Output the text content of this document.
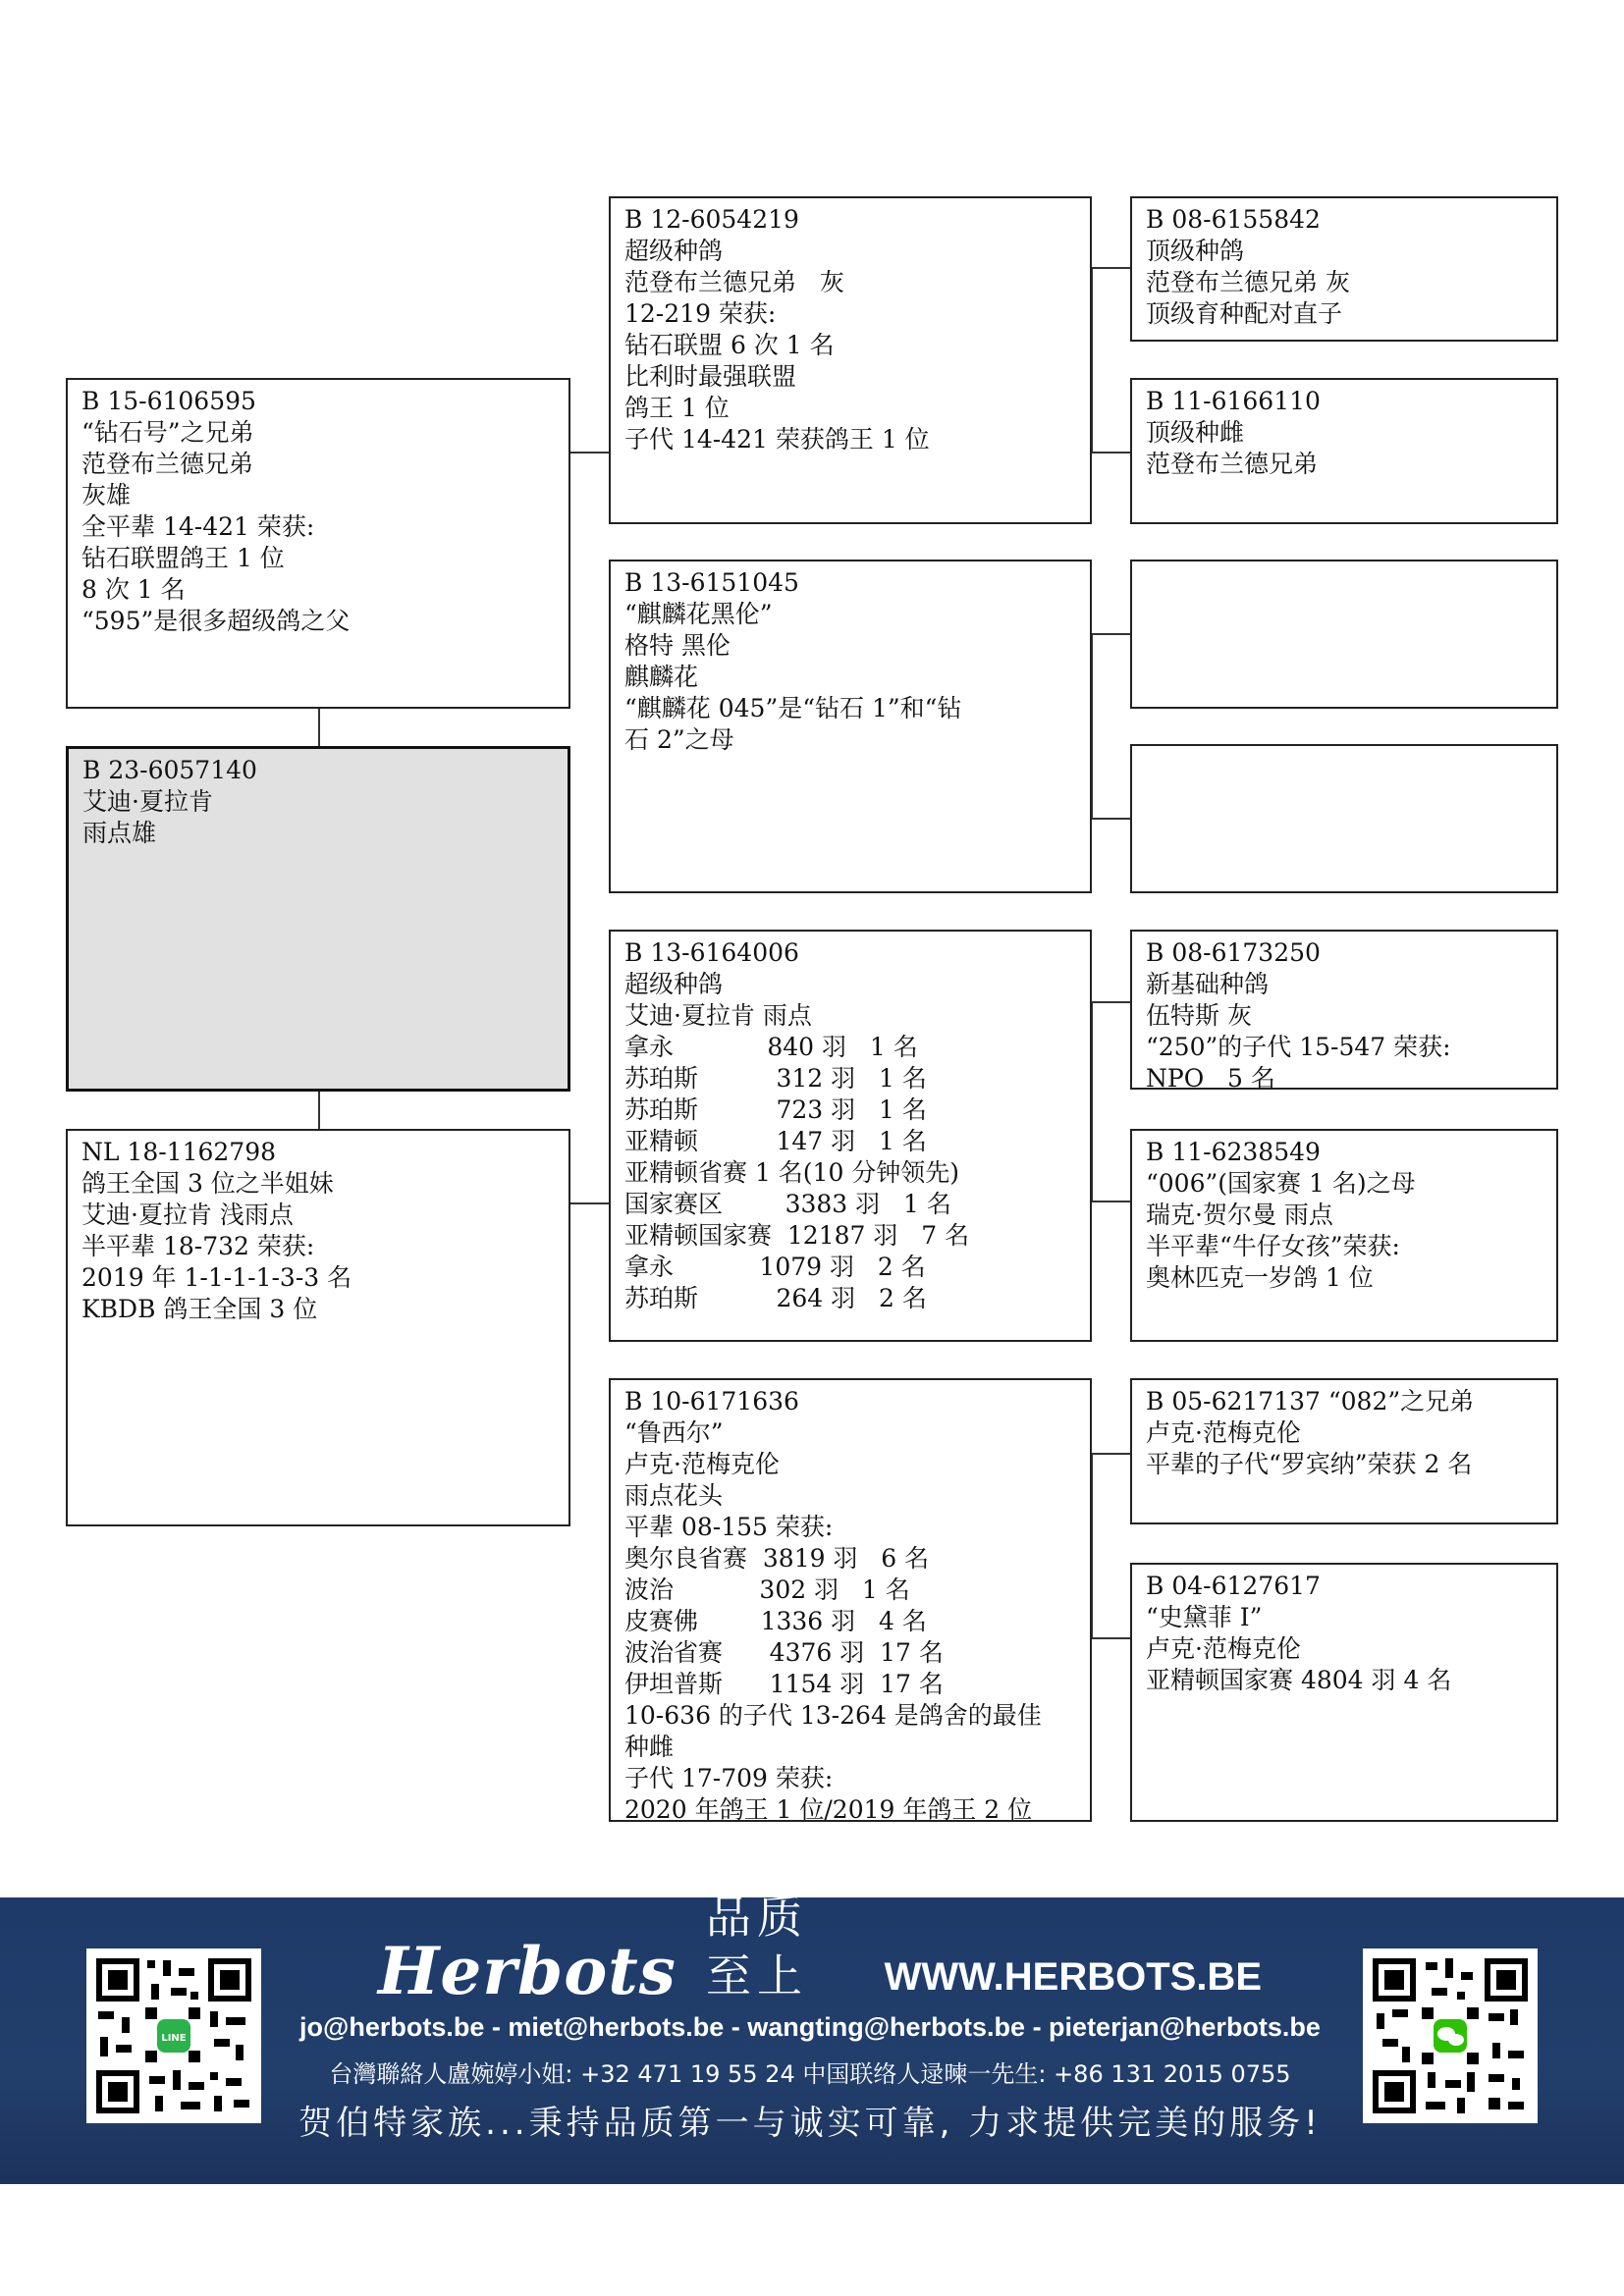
B 15-6106595
“钻石号”之兄弟
范登布兰德兄弟
灰雄
全平辈 14-421 荣获:
钻石联盟鸽王 1 位
8 次 1 名
“595”是很多超级鸽之父
B 23-6057140
艾迪·夏拉肯
雨点雄
NL 18-1162798
鸽王全国 3 位之半姐妹
艾迪·夏拉肯 浅雨点
半平辈 18-732 荣获:
2019 年 1-1-1-1-3-3 名
KBDB 鸽王全国 3 位
B 12-6054219
超级种鸽
范登布兰德兄弟   灰
12-219 荣获:
钻石联盟 6 次 1 名
比利时最强联盟
鸽王 1 位
子代 14-421 荣获鸽王 1 位
B 13-6151045
“麒麟花黑伦”
格特 黑伦
麒麟花
“麒麟花 045”是“钻石 1”和“钻
石 2”之母
B 13-6164006
超级种鸽
艾迪·夏拉肯 雨点
拿永            840 羽   1 名
苏珀斯          312 羽   1 名
苏珀斯          723 羽   1 名
亚精顿          147 羽   1 名
亚精顿省赛 1 名(10 分钟领先)
国家赛区        3383 羽   1 名
亚精顿国家赛  12187 羽   7 名
拿永           1079 羽   2 名
苏珀斯          264 羽   2 名
B 10-6171636
“鲁西尔”
卢克·范梅克伦
雨点花头
平辈 08-155 荣获:
奥尔良省赛  3819 羽   6 名
波治           302 羽   1 名
皮赛佛        1336 羽   4 名
波治省赛      4376 羽  17 名
伊坦普斯      1154 羽  17 名
10-636 的子代 13-264 是鸽舍的最佳
种雌
子代 17-709 荣获:
2020 年鸽王 1 位/2019 年鸽王 2 位
B 08-6155842
顶级种鸽
范登布兰德兄弟 灰
顶级育种配对直子
B 11-6166110
顶级种雌
范登布兰德兄弟
B 08-6173250
新基础种鸽
伍特斯 灰
“250”的子代 15-547 荣获:
NPO   5 名
B 11-6238549
“006”(国家赛 1 名)之母
瑞克·贺尔曼 雨点
半平辈“牛仔女孩”荣获:
奥林匹克一岁鸽 1 位
B 05-6217137 “082”之兄弟
卢克·范梅克伦
平辈的子代“罗宾纳”荣获 2 名
B 04-6127617
“史黛菲 I”
卢克·范梅克伦
亚精顿国家赛 4804 羽 4 名
LINE
Herbots
品质至上	WWW.HERBOTS.BE
jo@herbots.be - miet@herbots.be - wangting@herbots.be - pieterjan@herbots.be
台灣聯絡人盧婉婷小姐: +32 471 19 55 24 中国联络人逯暕一先生: +86 131 2015 0755
贺伯特家族...秉持品质第一与诚实可靠, 力求提供完美的服务!
